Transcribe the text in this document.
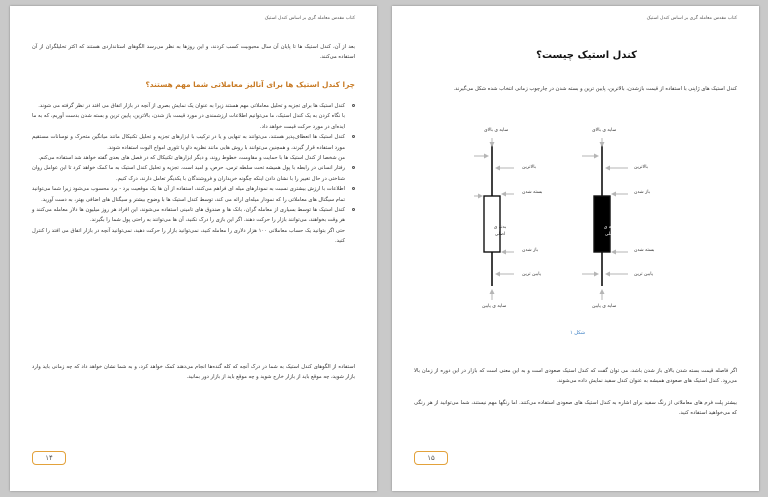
کتاب مقدس معامله گری بر اساس کندل استیک
بعد از آن، کندل استیک ها تا پایان آن سال محبوبیت کسب کردند، و این روزها به نظر می‌رسد الگوهای استانداردی هستند که اکثر تحلیلگران از آن استفاده می‌کنند.
چرا کندل استیک ها برای آنالیز معاملاتی شما مهم هستند؟
کندل استیک ها برای تجزیه و تحلیل معاملاتی مهم هستند زیرا به عنوان یک نمایش بصری از آنچه در بازار اتفاق می افتد در نظر گرفته می شوند.
با نگاه کردن به یک کندل استیک، ما می‌توانیم اطلاعات ارزشمندی در مورد قیمت باز شدن، بالاترین، پایین ترین و بسته شدن بدست آوریم، که به ما ایده‌ای در مورد حرکت قیمت خواهد داد.
کندل استیک ها انعطاف‌پذیر هستند، می‌توانند به تنهایی و یا در ترکیب با ابزارهای تجزیه و تحلیل تکنیکال مانند میانگین متحرک و نوسانات مستقیم مورد استفاده قرار گیرند، و همچنین می‌توانند با روش هایی مانند نظریه داو یا تئوری امواج الیوت استفاده شوند.
من شخصا از کندل استیک ها با حمایت و مقاومت، خطوط روند، و دیگر ابزارهای تکنیکال که در فصل های بعدی گفته خواهد شد استفاده می‌کنم.
رفتار انسانی در رابطه با پول همیشه تحت سلطه ترس، حرص، و امید است. تجزیه و تحلیل کندل استیک به ما کمک خواهد کرد تا این عوامل روان شناختی در حال تغییر را با نشان دادن اینکه چگونه خریداران و فروشندگان با یکدیگر تعامل دارند، درک کنیم.
اطلاعات با ارزش بیشتری نسبت به نمودارهای میله ای فراهم می‌کنند، استفاده از آن ها یک موقعیت برد - برد محسوب می‌شود زیرا شما می‌توانید تمام سیگنال های معاملاتی را که نمودار میله‌ای ارائه می کند، توسط کندل استیک ها با وضوح بیشتر و سیگنال های اضافی بهتر، به دست آورید.
کندل استیک ها توسط بسیاری از معامله گران، بانک ها و صندوق های تامینی استفاده می‌شوند، این افراد هر روز میلیون ها دلار معامله می‌کنند و هر وقت بخواهند، می‌توانند بازار را حرکت دهند. اگر این بازی را درک نکنید، آن ها می‌توانند به راحتی پول شما را بگیرند.
حتی اگر بتوانید یک حساب معاملاتی ۱۰۰ هزار دلاری را معامله کنید، نمی‌توانید بازار را حرکت دهید، نمی‌توانید آنچه در بازار اتفاق می افتد را کنترل کنید.
استفاده از الگوهای کندل استیک به شما در درک آنچه که کله گنده‌ها انجام می‌دهند کمک خواهد کرد، و به شما نشان خواهد داد که چه زمانی باید وارد بازار شوید، چه موقع باید از بازار خارج شوید و چه موقع باید از بازار دور بمانید.
۱۴
کتاب مقدس معامله گری بر اساس کندل استیک
کندل استیک چیست؟
کندل استیک های ژاپنی با استفاده از قیمت بازشدن، بالاترین، پایین ترین و بسته شدن در چارچوب زمانی انتخاب شده شکل می‌گیرند.
سایه ی بالای
بالاترین
بسته شدن
بدنه ی اصلی
باز شدن
پایین ترین
سایه ی پایین
سایه ی بالای
بالاترین
باز شدن
بدنه ی اصلی
بسته شدن
پایین ترین
سایه ی پایین
شکل ۱
اگر فاصله قیمت بسته شدن بالای باز شدن باشد، می توان گفت که کندل استیک صعودی است و به این معنی است که بازار در این دوره از زمان بالا می‌رود. کندل استیک های صعودی همیشه به عنوان کندل سفید نمایش داده می‌شوند.
بیشتر پلت فرم های معاملاتی از رنگ سفید برای اشاره به کندل استیک های صعودی استفاده می‌کنند. اما رنگها مهم نیستند، شما می‌توانید از هر رنگی که می‌خواهید استفاده کنید.
۱۵
